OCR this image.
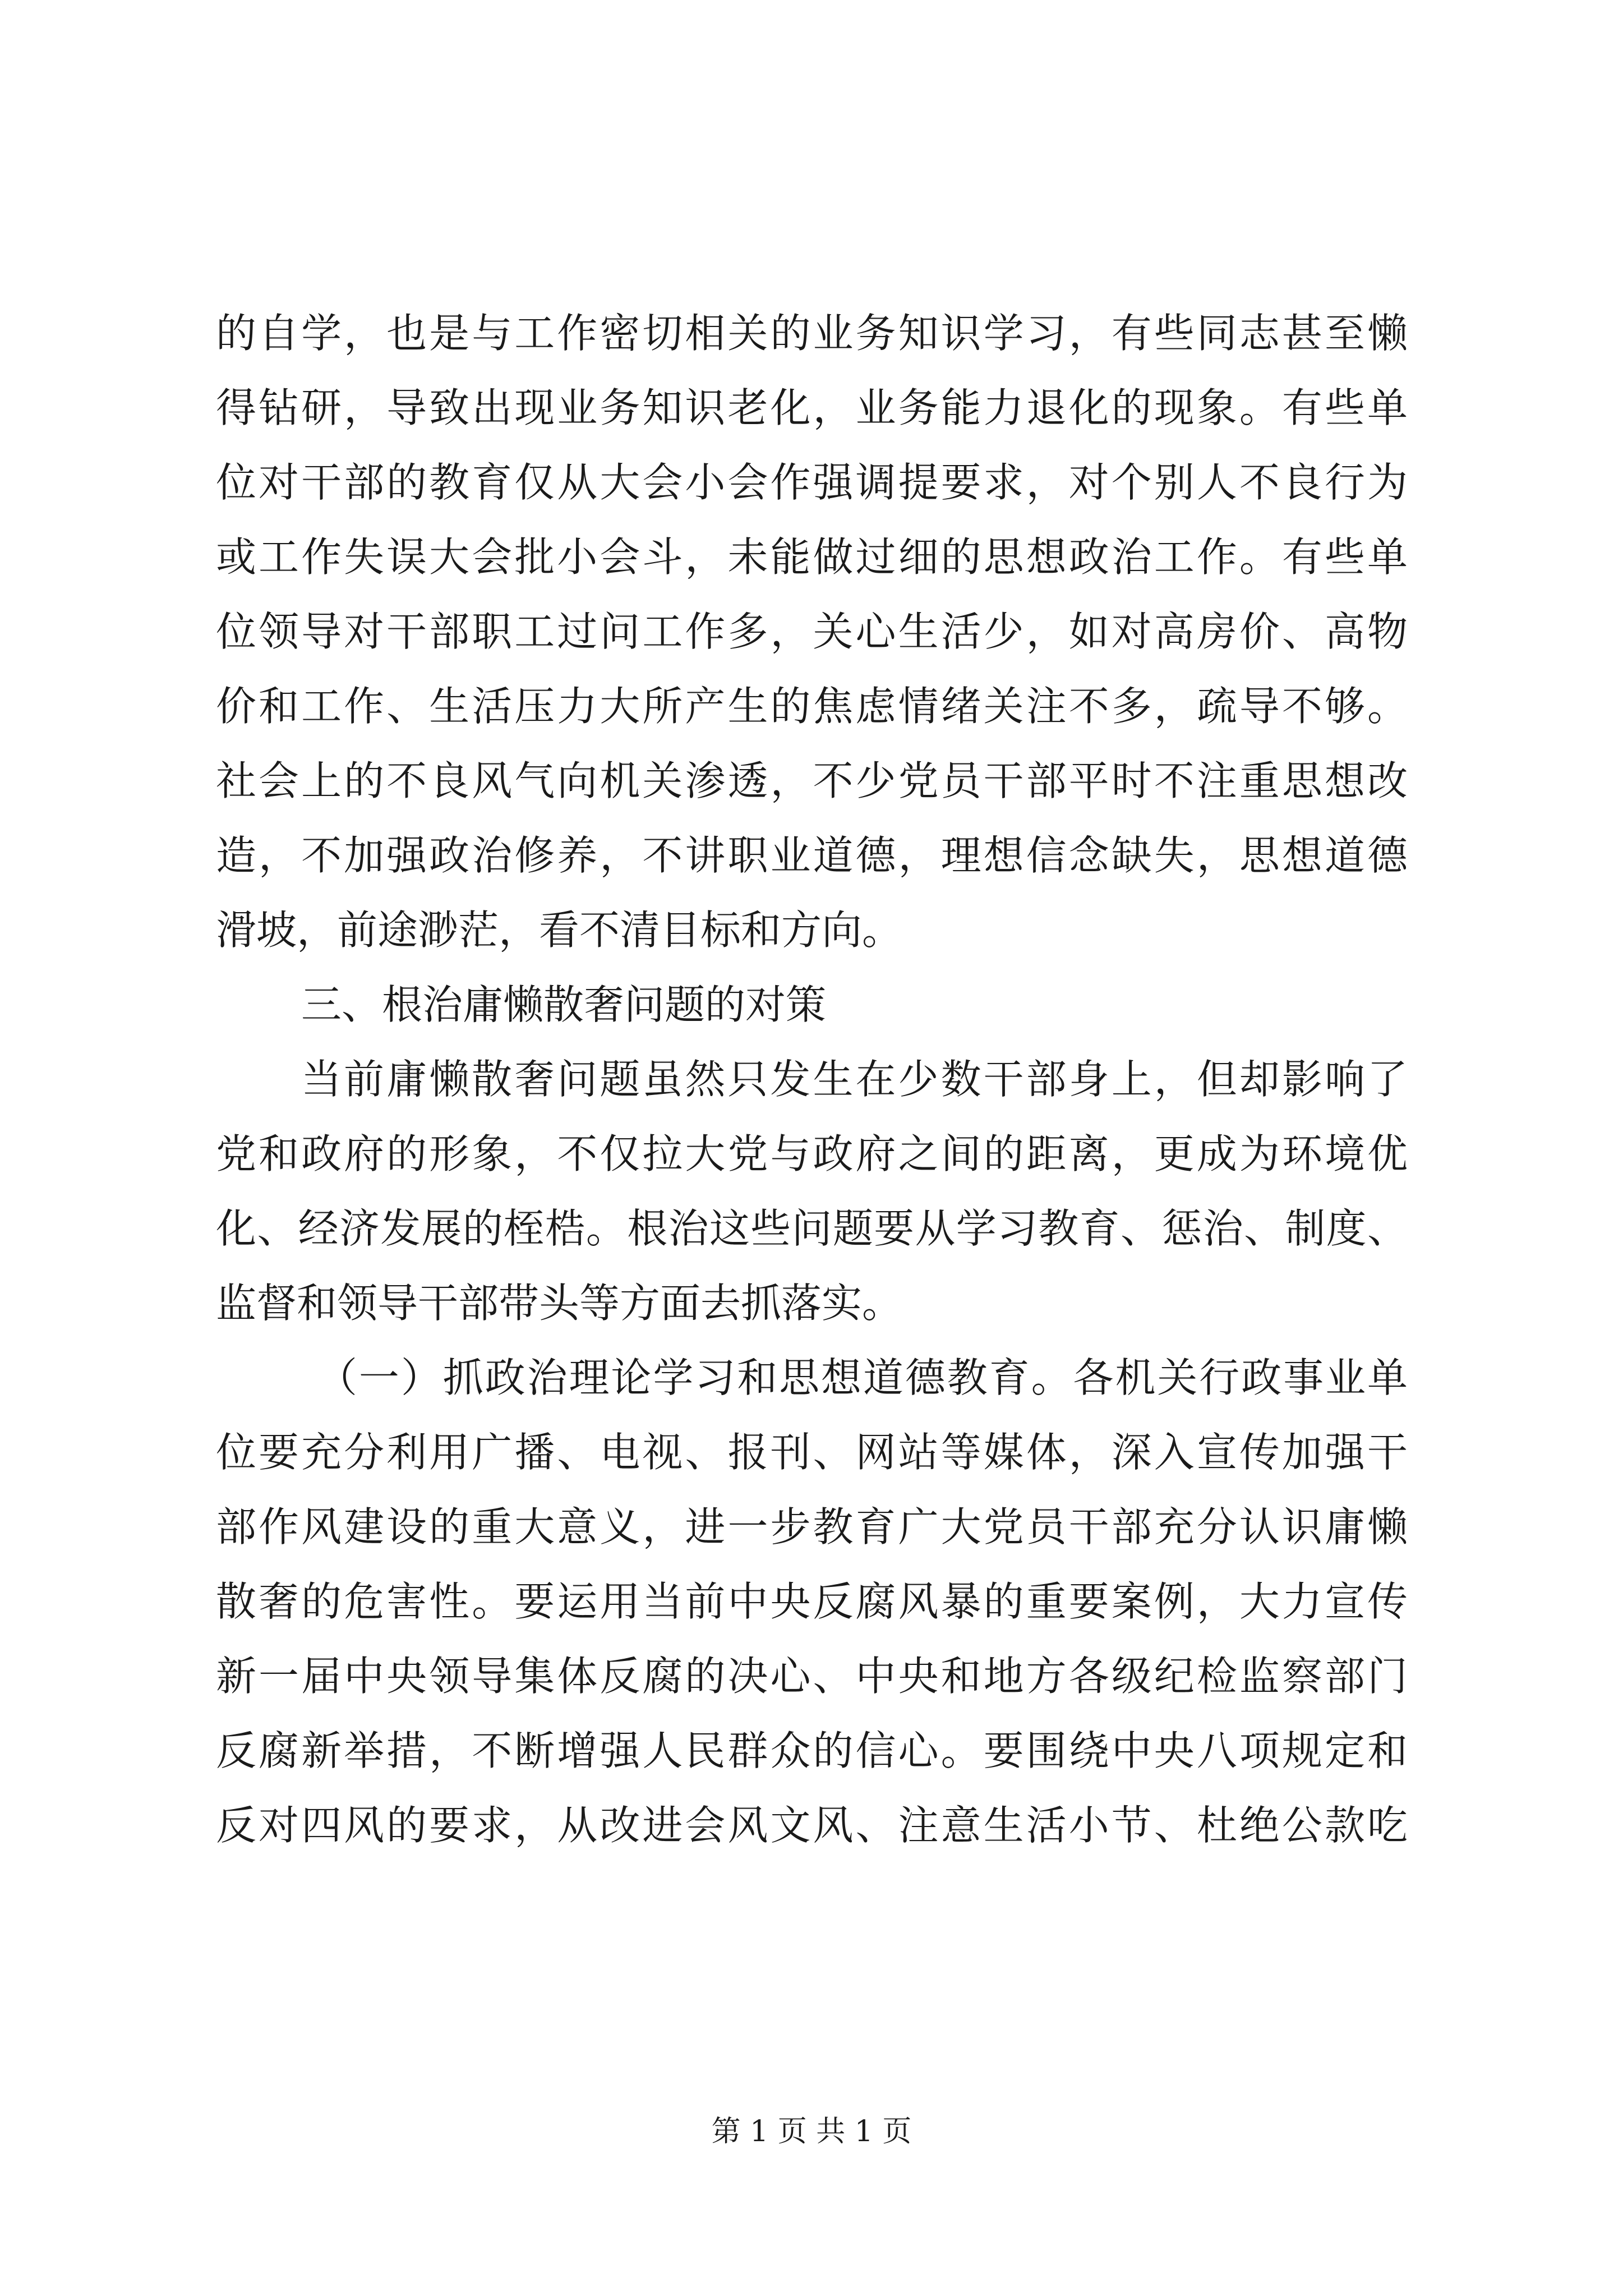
的自学，也是与工作密切相关的业务知识学习，有些同志甚至懒
得钻研，导致出现业务知识老化，业务能力退化的现象。有些单
位对干部的教育仅从大会小会作强调提要求，对个别人不良行为
或工作失误大会批小会斗，未能做过细的思想政治工作。有些单
位领导对干部职工过问工作多，关心生活少，如对高房价、高物
价和工作、生活压力大所产生的焦虑情绪关注不多，疏导不够。
社会上的不良风气向机关渗透，不少党员干部平时不注重思想改
造，不加强政治修养，不讲职业道德，理想信念缺失，思想道德
滑坡，前途渺茫，看不清目标和方向。
三、根治庸懒散奢问题的对策
当前庸懒散奢问题虽然只发生在少数干部身上，但却影响了
党和政府的形象，不仅拉大党与政府之间的距离，更成为环境优
化、经济发展的桎梏。根治这些问题要从学习教育、惩治、制度、
监督和领导干部带头等方面去抓落实。
（一）抓政治理论学习和思想道德教育。各机关行政事业单
位要充分利用广播、电视、报刊、网站等媒体，深入宣传加强干
部作风建设的重大意义，进一步教育广大党员干部充分认识庸懒
散奢的危害性。要运用当前中央反腐风暴的重要案例，大力宣传
新一届中央领导集体反腐的决心、中央和地方各级纪检监察部门
反腐新举措，不断增强人民群众的信心。要围绕中央八项规定和
反对四风的要求，从改进会风文风、注意生活小节、杜绝公款吃
第 1 页 共 1 页
